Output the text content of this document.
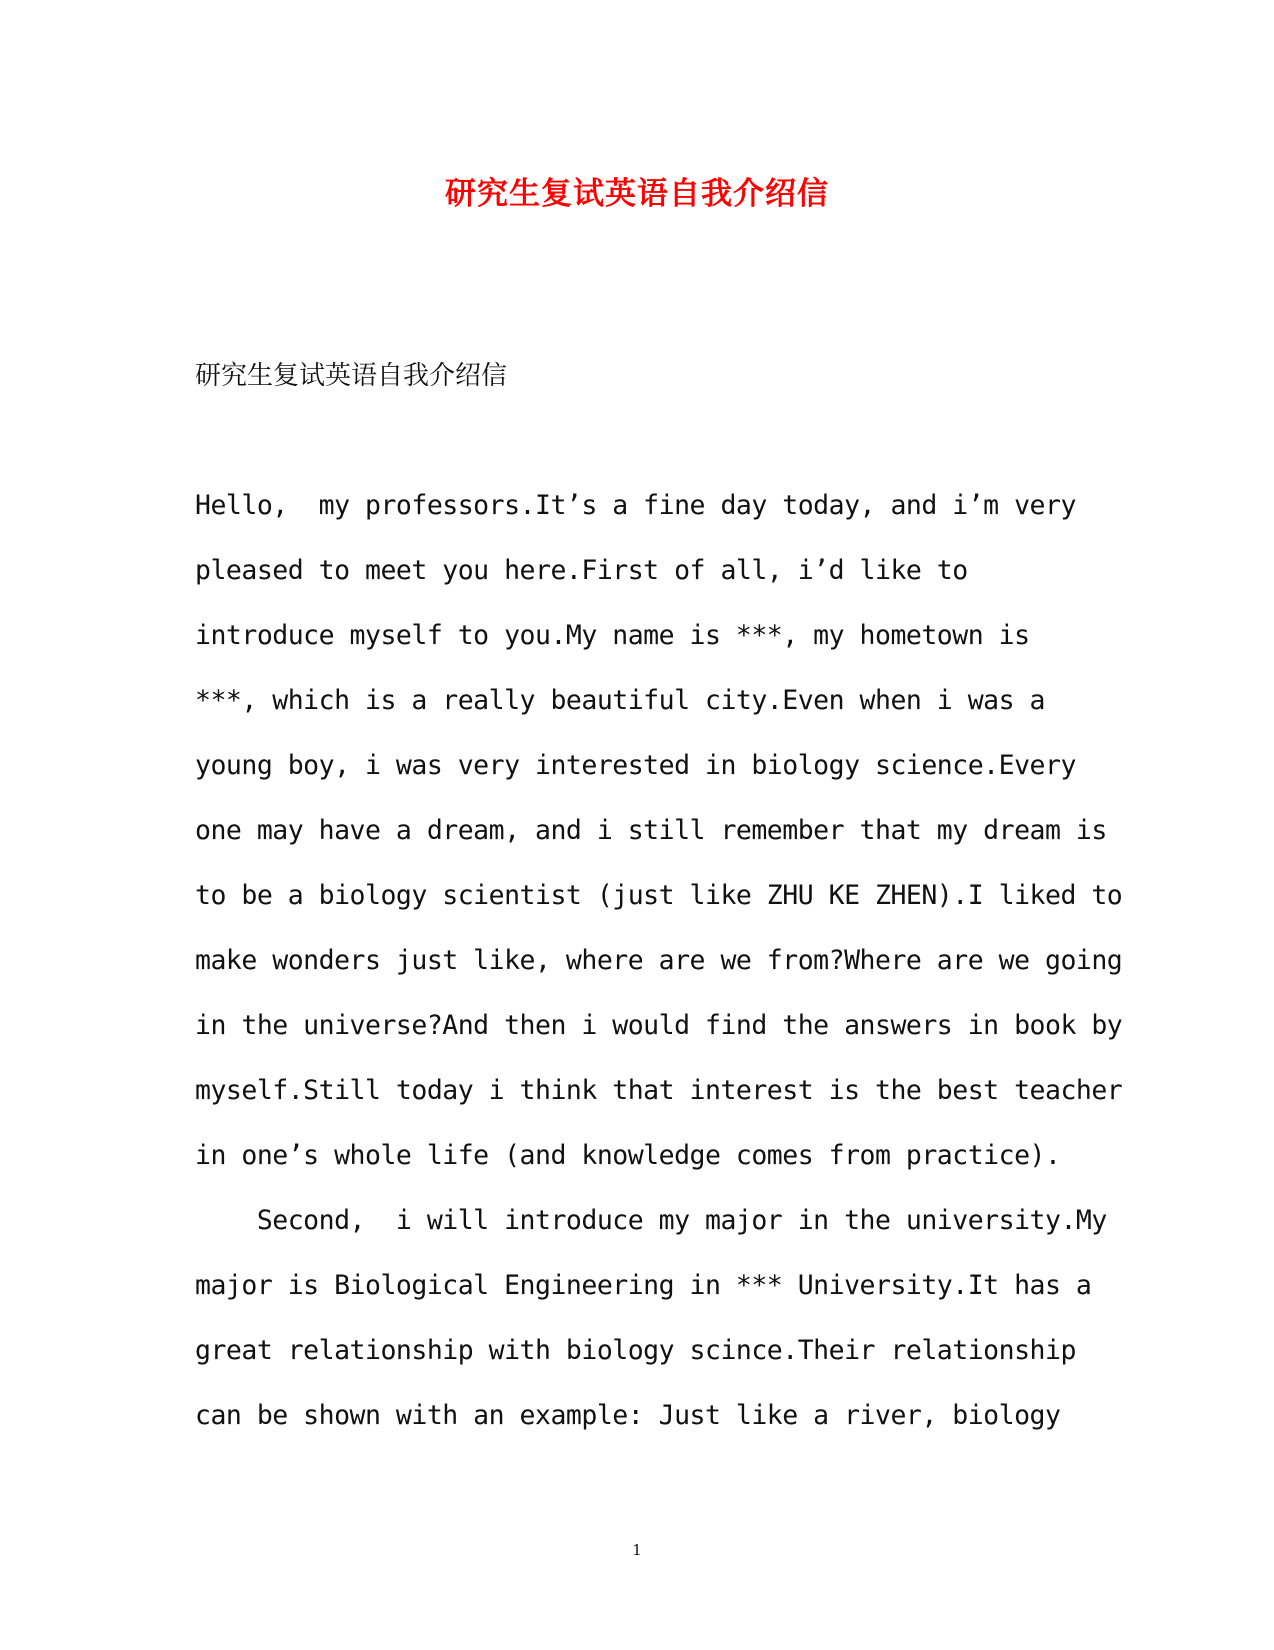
研究生复试英语自我介绍信

研究生复试英语自我介绍信

Hello,  my professors.It’s a fine day today, and i’m very
pleased to meet you here.First of all, i’d like to
introduce myself to you.My name is ***, my hometown is
***, which is a really beautiful city.Even when i was a
young boy, i was very interested in biology science.Every
one may have a dream, and i still remember that my dream is
to be a biology scientist (just like ZHU KE ZHEN).I liked to
make wonders just like, where are we from?Where are we going
in the universe?And then i would find the answers in book by
myself.Still today i think that interest is the best teacher
in one’s whole life (and knowledge comes from practice).
Second,  i will introduce my major in the university.My
major is Biological Engineering in *** University.It has a
great relationship with biology scince.Their relationship
can be shown with an example: Just like a river, biology
1
